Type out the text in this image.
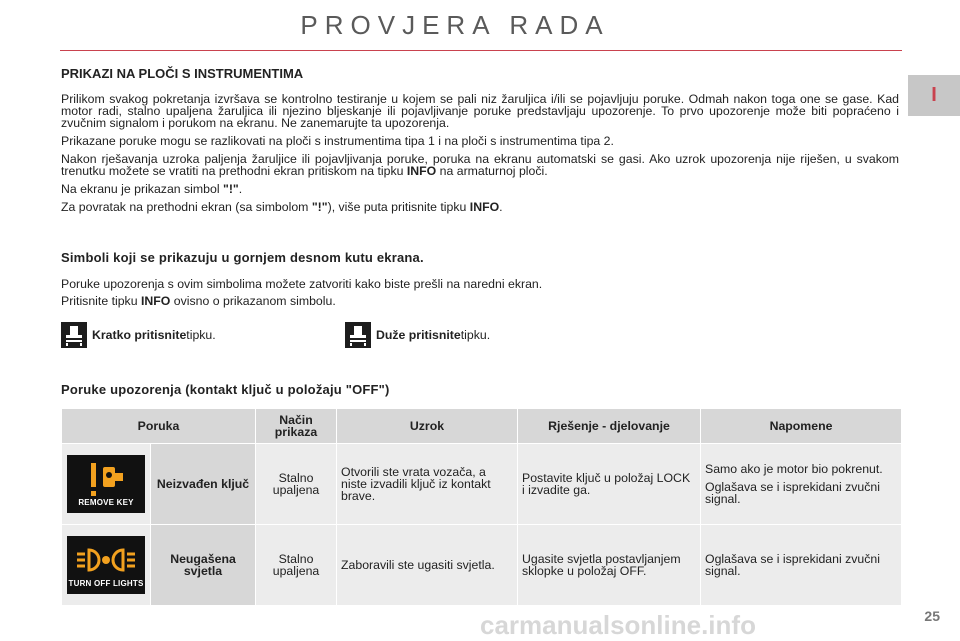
PROVJERA RADA
I
PRIKAZI NA PLOČI S INSTRUMENTIMA

Prilikom svakog pokretanja izvršava se kontrolno testiranje u kojem se pali niz žaruljica i/ili se pojavljuju poruke. Odmah nakon toga one se gase. Kad motor radi, stalno upaljena žaruljica ili njezino bljeskanje ili pojavljivanje poruke predstavljaju upozorenje. To prvo upozorenje može biti popraćeno i zvučnim signalom i porukom na ekranu. Ne zanemarujte ta upozorenja.

Prikazane poruke mogu se razlikovati na ploči s instrumentima tipa 1 i na ploči s instrumentima tipa 2.

Nakon rješavanja uzroka paljenja žaruljice ili pojavljivanja poruke, poruka na ekranu automatski se gasi. Ako uzrok upozorenja nije riješen, u svakom trenutku možete se vratiti na prethodni ekran pritiskom na tipku INFO na armaturnoj ploči.

Na ekranu je prikazan simbol "!".

Za povratak na prethodni ekran (sa simbolom "!"), više puta pritisnite tipku INFO.

Simboli koji se prikazuju u gornjem desnom kutu ekrana.

Poruke upozorenja s ovim simbolima možete zatvoriti kako biste prešli na naredni ekran.

Pritisnite tipku INFO ovisno o prikazanom simbolu.

Kratko pritisnite tipku.	Duže pritisnite tipku.
Poruke upozorenja (kontakt ključ u položaju "OFF")
Poruka		Način prikaza	Uzrok	Rješenje - djelovanje	Napomene

REMOVE KEY	Neizvađen ključ	Stalno upaljena	Otvorili ste vrata vozača, a niste izvadili ključ iz kontakt brave.	Postavite ključ u položaj LOCK i izvadite ga.	Samo ako je motor bio pokrenut.
Oglašava se i isprekidani zvučni signal.

TURN OFF LIGHTS	Neugašena svjetla	Stalno upaljena	Zaboravili ste ugasiti svjetla.	Ugasite svjetla postavljanjem sklopke u položaj OFF.	Oglašava se i isprekidani zvučni signal.
carmanualsonline.info	25
